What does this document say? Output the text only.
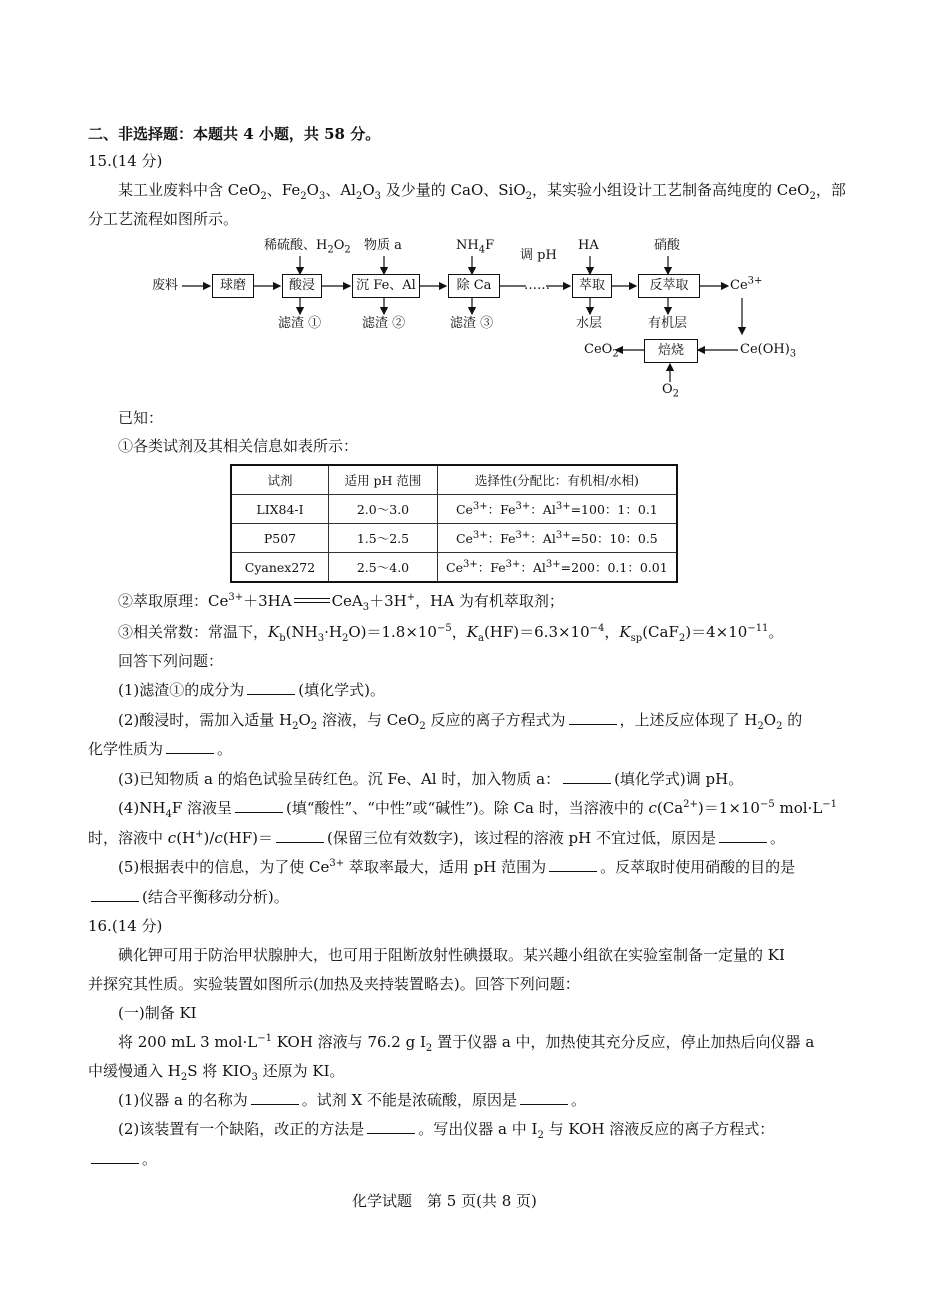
二、非选择题：本题共 4 小题，共 58 分。
15.(14 分)
某工业废料中含 CeO$_2$、$Fe_2O_3$、$Al_2O_3$ 及少量的 CaO、SiO$_2$，某实验小组设计工艺制备高纯度的 CeO$_2$，部
分工艺流程如图所示。
废料	球磨	酸浸	沉 Fe、Al	除 Ca	……	萃取	反萃取	$Ce^{3+}$
稀硫酸、$H_2O_2$ 物质 a	$NH_4F$
调 pH
HA	硝酸
滤渣 ①	滤渣 ②	滤渣 ③	水层	有机层
焙烧	$Ce(OH)_3$
CeO$_2$
$O_2$
已知：
①各类试剂及其相关信息如表所示：
试剂	适用 pH 范围	选择性(分配比：有机相/水相)
LIX84-I	2.0～3.0	$Ce^{3+}$：$Fe^{3+}$：$Al^{3+}=100$：1：0.1
P507	1.5～2.5	$Ce^{3+}$：$Fe^{3+}$：$Al^{3+}=50$：10：0.5
Cyanex272	2.5～4.0	$Ce^{3+}$：$Fe^{3+}$：$Al^{3+}=200$：0.1：0.01
②萃取原理：$Ce^{3+}+3HA$	CeA$_3$＋3H+，HA 为有机萃取剂；
③相关常数：常温下，$K_b(NH_3\cdot H_2O)=1.8\times 10^{-5}$，$K_a(HF)=6.3\times 10^{-4}$，$K_{sp}(CaF_2)=4\times 10^{-11}$。
回答下列问题：
(1)滤渣①的成分为	(填化学式)。
(2)酸浸时，需加入适量 $H_2O_2$ 溶液，与 CeO$_2$ 反应的离子方程式为	，上述反应体现了 $H_2O_2$ 的
化学性质为	。
(3)已知物质 a 的焰色试验呈砖红色。沉 Fe、Al 时，加入物质 a：	(填化学式)调 pH。
$(4)NH_4F$ 溶液呈	(填“酸性”、“中性”或“碱性”)。除 Ca 时，当溶液中的 $c(Ca^{2+})=1\times 10^{-5}$ $mol\cdot L^{-1}$
时，溶液中 c(H+)/c(HF)＝	(保留三位有效数字)，该过程的溶液 pH 不宜过低，原因是	。
(5)根据表中的信息，为了使 $Ce^{3+}$ 萃取率最大，适用 pH 范围为	。反萃取时使用硝酸的目的是
(结合平衡移动分析)。
16.(14 分)
碘化钾可用于防治甲状腺肿大，也可用于阻断放射性碘摄取。某兴趣小组欲在实验室制备一定量的 KI
并探究其性质。实验装置如图所示(加热及夹持装置略去)。回答下列问题：
(一)制备 KI
将 200 mL 3 $mol\cdot L^{-1}$ KOH 溶液与 76.2 g $I_2$ 置于仪器 a 中，加热使其充分反应，停止加热后向仪器 a
中缓慢通入 $H_2S$ 将 $KIO_3$ 还原为 KI。
(1)仪器 a 的名称为	。试剂 X 不能是浓硫酸，原因是	。
(2)该装置有一个缺陷，改正的方法是	。写出仪器 a 中 $I_2$ 与 KOH 溶液反应的离子方程式：
。
化学试题　第 5 页(共 8 页)
